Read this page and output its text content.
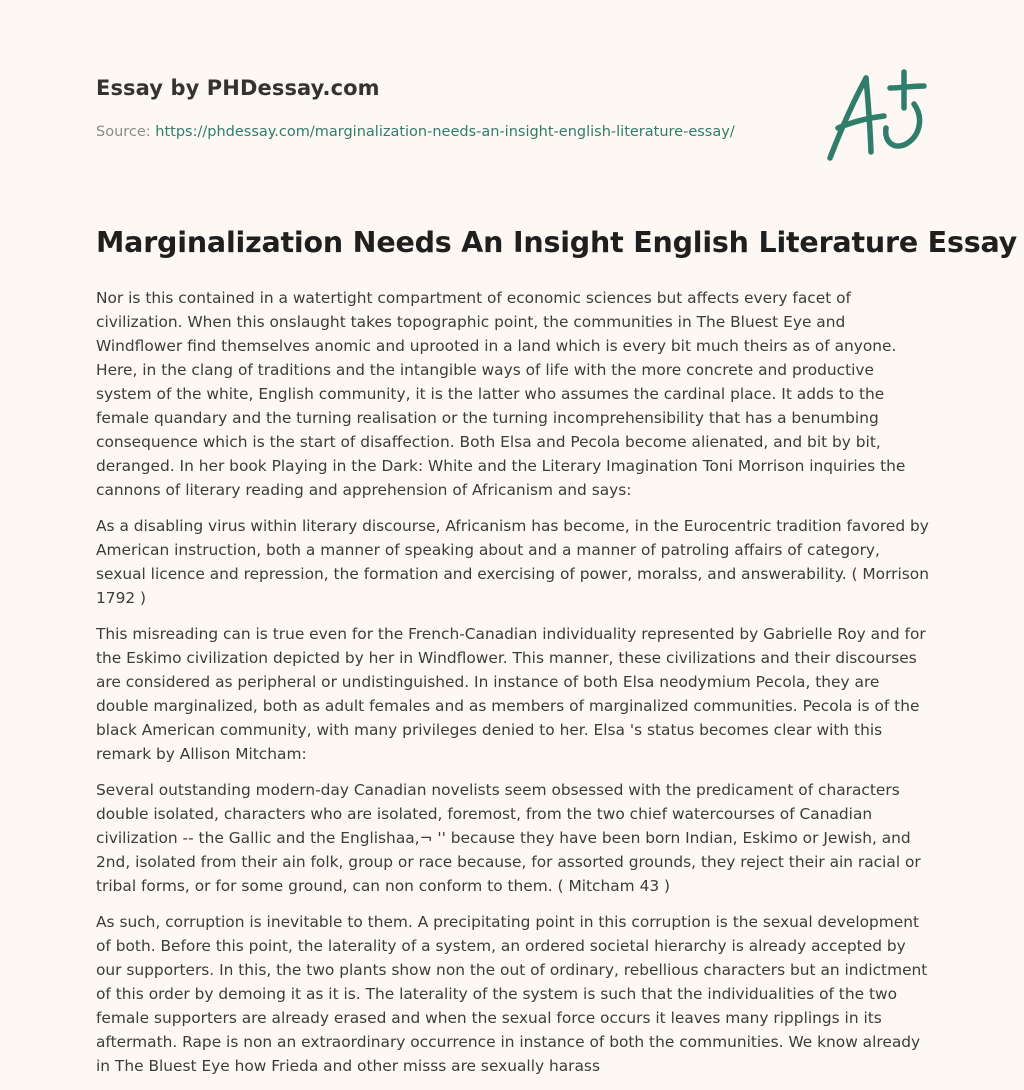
Essay by PHDessay.com
Source: https://phdessay.com/marginalization-needs-an-insight-english-literature-essay/
Marginalization Needs An Insight English Literature Essay

Nor is this contained in a watertight compartment of economic sciences but affects every facet of civilization. When this onslaught takes topographic point, the communities in The Bluest Eye and Windflower find themselves anomic and uprooted in a land which is every bit much theirs as of anyone. Here, in the clang of traditions and the intangible ways of life with the more concrete and productive system of the white, English community, it is the latter who assumes the cardinal place. It adds to the female quandary and the turning realisation or the turning incomprehensibility that has a benumbing consequence which is the start of disaffection. Both Elsa and Pecola become alienated, and bit by bit, deranged. In her book Playing in the Dark: White and the Literary Imagination Toni Morrison inquiries the cannons of literary reading and apprehension of Africanism and says:

As a disabling virus within literary discourse, Africanism has become, in the Eurocentric tradition favored by American instruction, both a manner of speaking about and a manner of patroling affairs of category, sexual licence and repression, the formation and exercising of power, moralss, and answerability. ( Morrison 1792 )

This misreading can is true even for the French-Canadian individuality represented by Gabrielle Roy and for the Eskimo civilization depicted by her in Windflower. This manner, these civilizations and their discourses are considered as peripheral or undistinguished. In instance of both Elsa neodymium Pecola, they are double marginalized, both as adult females and as members of marginalized communities. Pecola is of the black American community, with many privileges denied to her. Elsa 's status becomes clear with this remark by Allison Mitcham:

Several outstanding modern-day Canadian novelists seem obsessed with the predicament of characters double isolated, characters who are isolated, foremost, from the two chief watercourses of Canadian civilization -- the Gallic and the Englishaa,¬ '' because they have been born Indian, Eskimo or Jewish, and 2nd, isolated from their ain folk, group or race because, for assorted grounds, they reject their ain racial or tribal forms, or for some ground, can non conform to them. ( Mitcham 43 )

As such, corruption is inevitable to them. A precipitating point in this corruption is the sexual development of both. Before this point, the laterality of a system, an ordered societal hierarchy is already accepted by our supporters. In this, the two plants show non the out of ordinary, rebellious characters but an indictment of this order by demoing it as it is. The laterality of the system is such that the individualities of the two female supporters are already erased and when the sexual force occurs it leaves many ripplings in its aftermath. Rape is non an extraordinary occurrence in instance of both the communities. We know already in The Bluest Eye how Frieda and other misss are sexually harass
